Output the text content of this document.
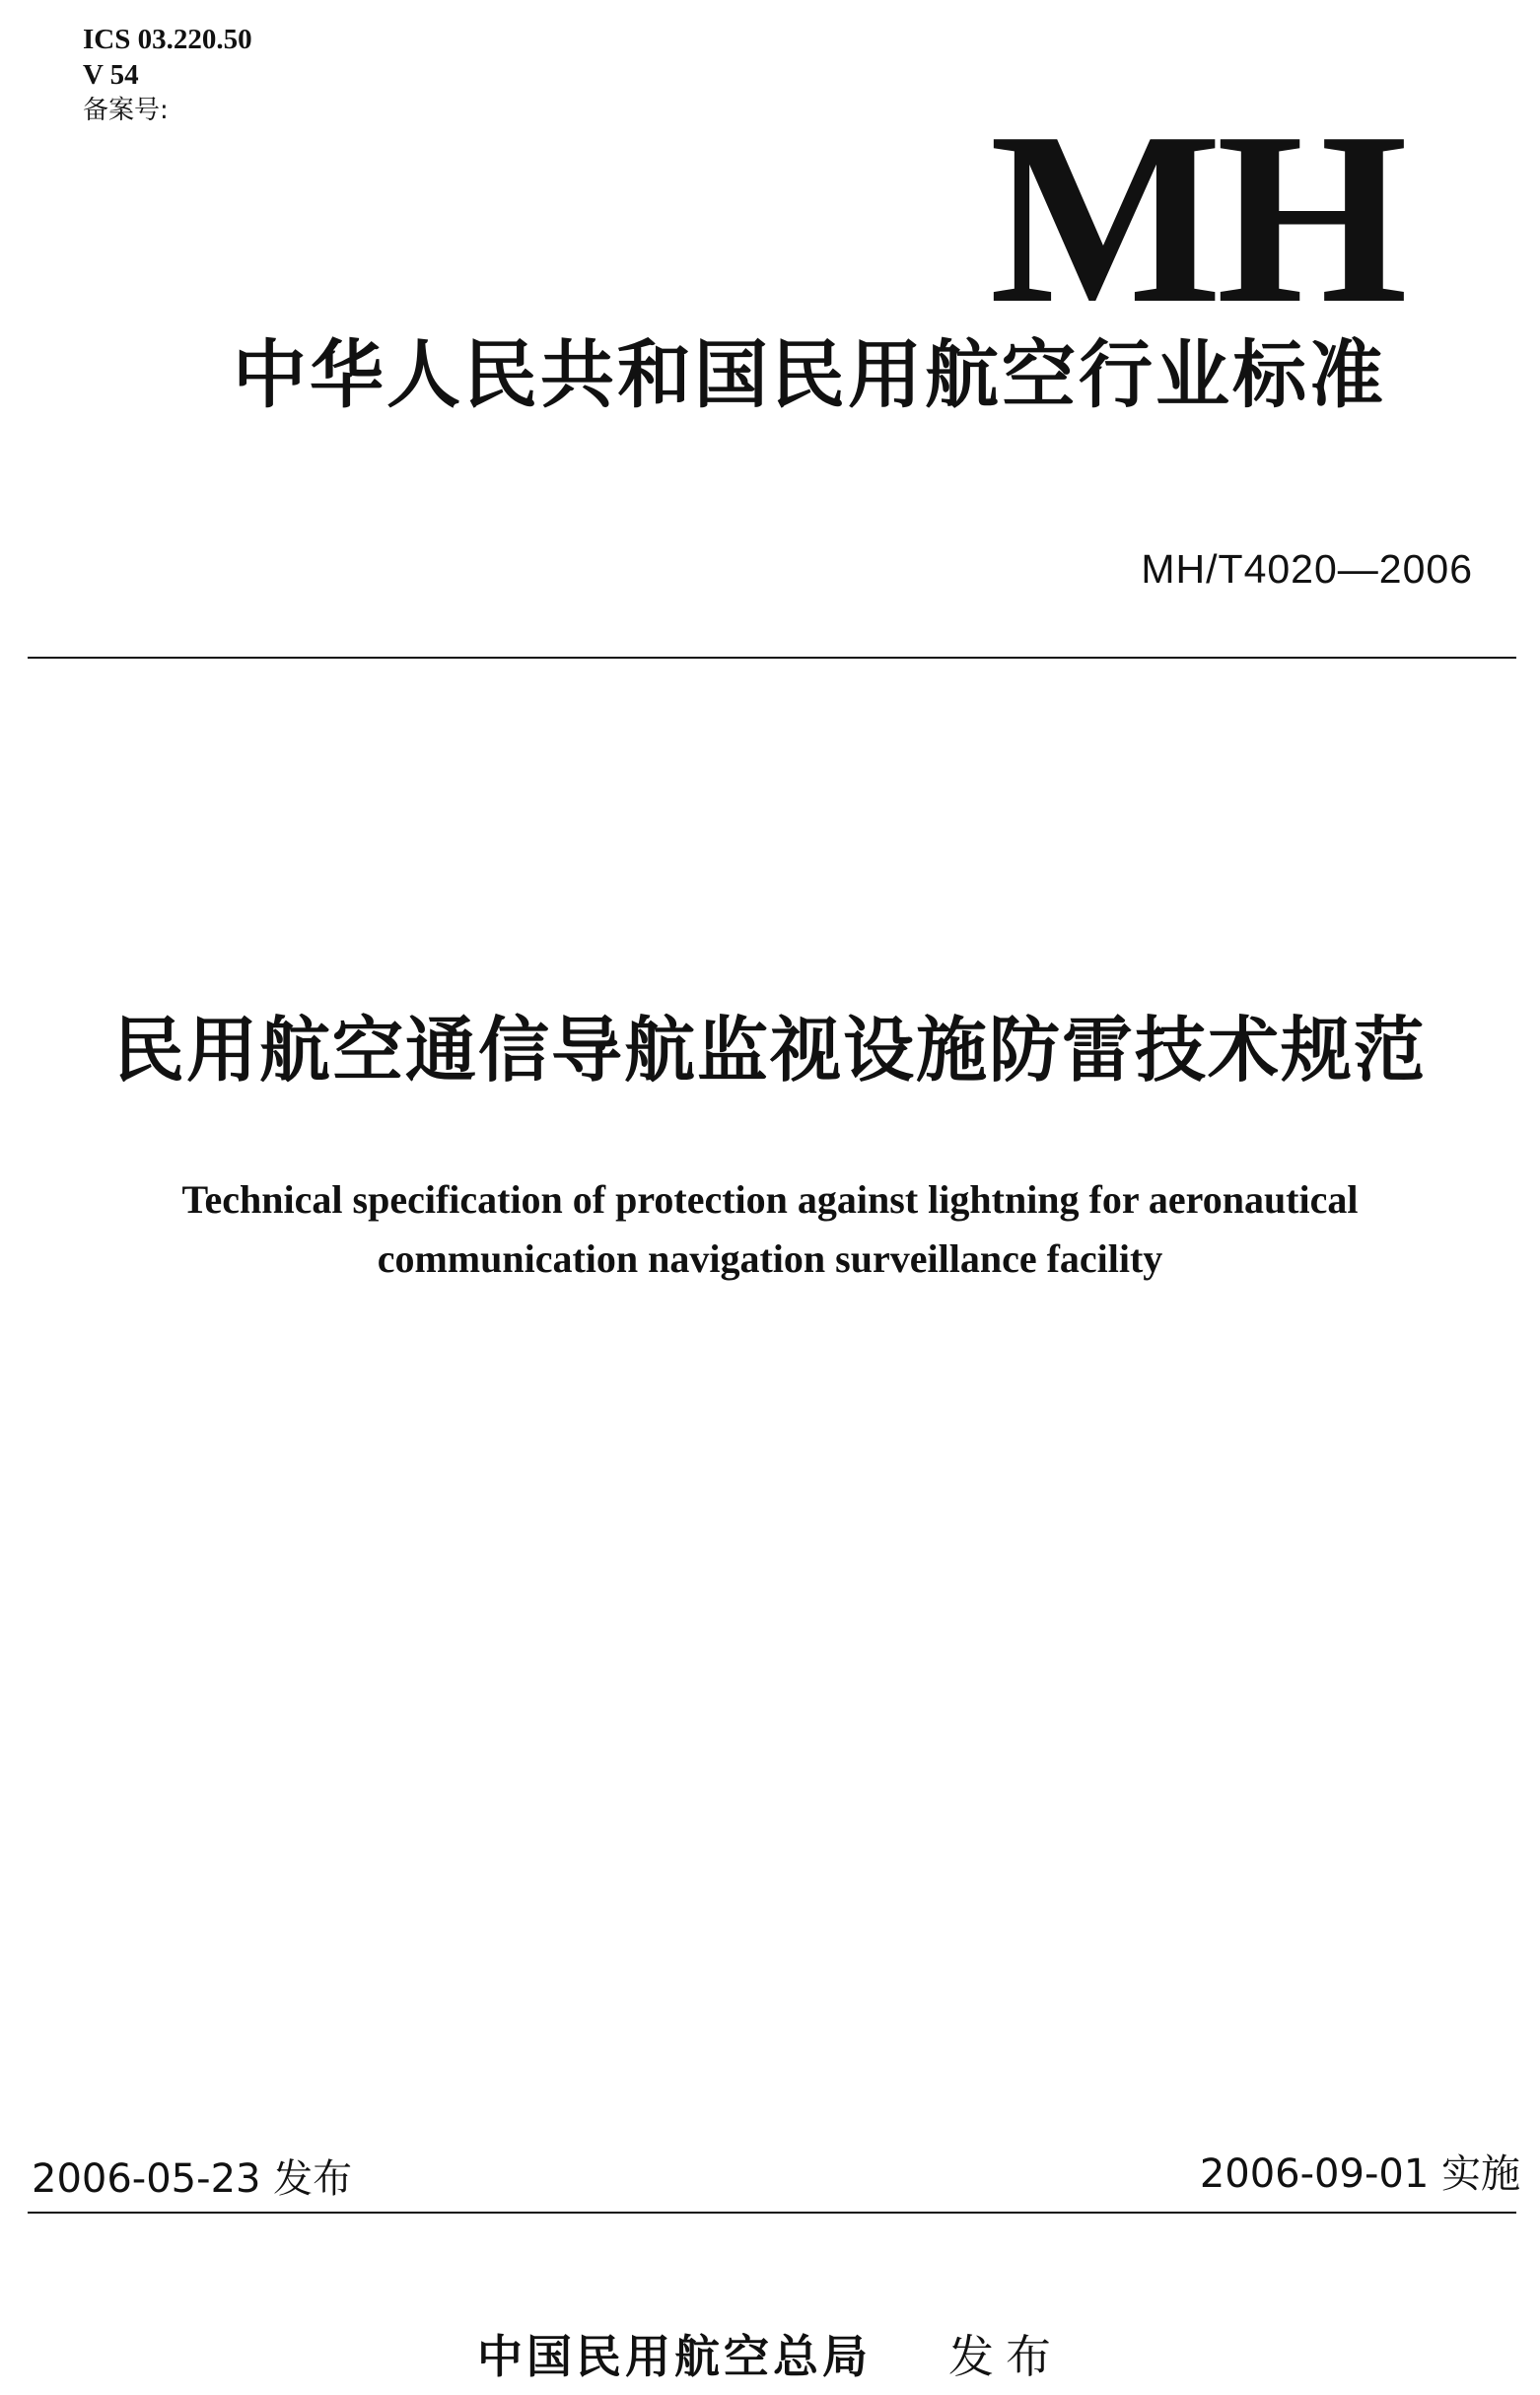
ICS 03.220.50
V 54
备案号:	MH
中华人民共和国民用航空行业标准
MH/T4020—2006
民用航空通信导航监视设施防雷技术规范
Technical specification of protection against lightning for aeronautical
communication navigation surveillance facility
2006-05-23 发布	2006-09-01 实施
中国民用航空总局 发布
